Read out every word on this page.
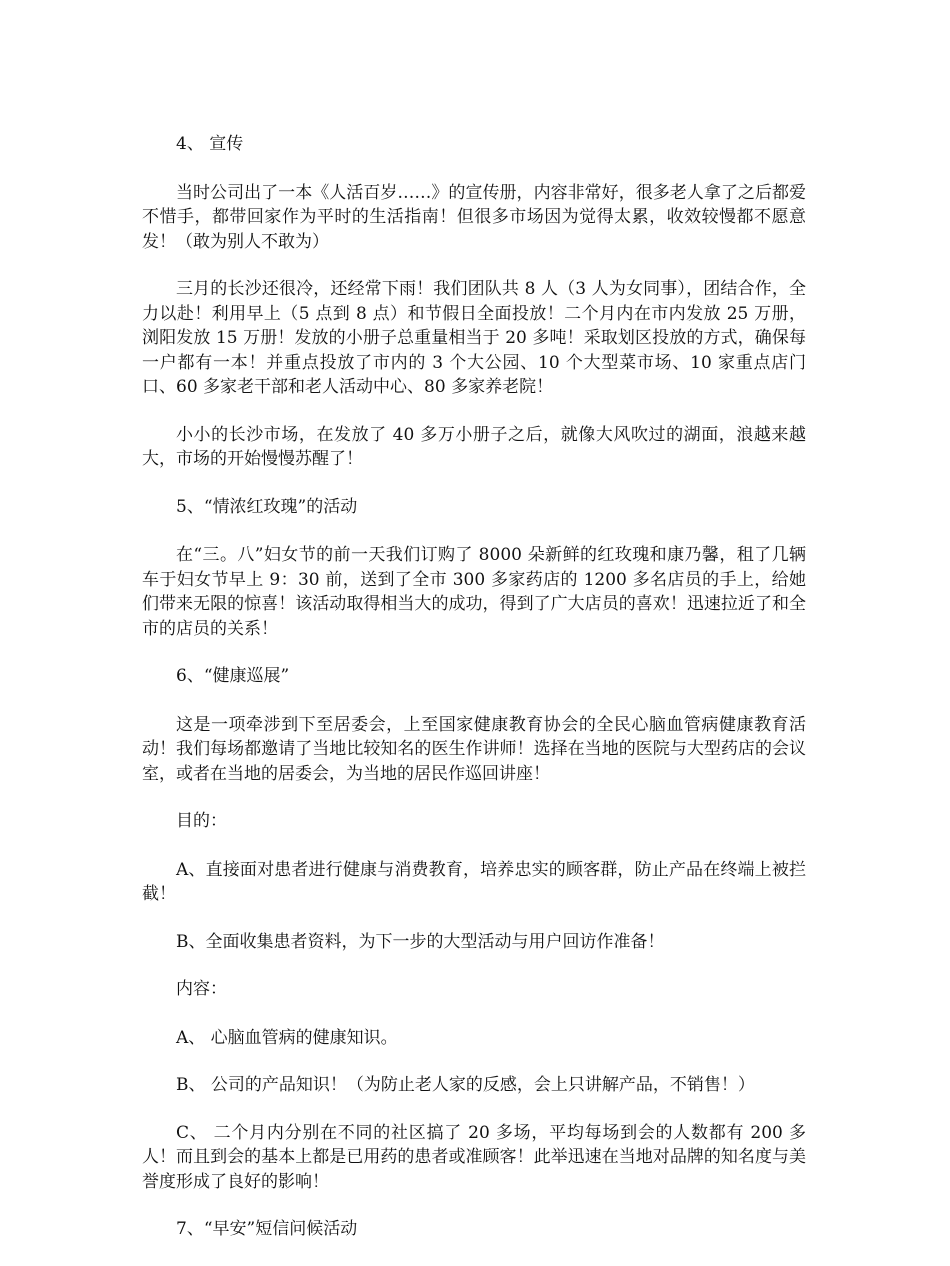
4、 宣传

当时公司出了一本《人活百岁……》的宣传册，内容非常好，很多老人拿了之后都爱不惜手，都带回家作为平时的生活指南！但很多市场因为觉得太累，收效较慢都不愿意发！（敢为别人不敢为）

三月的长沙还很冷，还经常下雨！我们团队共 8 人（3 人为女同事），团结合作，全力以赴！利用早上（5 点到 8 点）和节假日全面投放！二个月内在市内发放 25 万册，浏阳发放 15 万册！发放的小册子总重量相当于 20 多吨！采取划区投放的方式，确保每一户都有一本！并重点投放了市内的 3 个大公园、10 个大型菜市场、10 家重点店门口、60 多家老干部和老人活动中心、80 多家养老院！

小小的长沙市场，在发放了 40 多万小册子之后，就像大风吹过的湖面，浪越来越大，市场的开始慢慢苏醒了！

5、“情浓红玫瑰”的活动

在“三。八”妇女节的前一天我们订购了 8000 朵新鲜的红玫瑰和康乃馨，租了几辆车于妇女节早上 9：30 前，送到了全市 300 多家药店的 1200 多名店员的手上，给她们带来无限的惊喜！该活动取得相当大的成功，得到了广大店员的喜欢！迅速拉近了和全市的店员的关系！

6、“健康巡展”

这是一项牵涉到下至居委会，上至国家健康教育协会的全民心脑血管病健康教育活动！我们每场都邀请了当地比较知名的医生作讲师！选择在当地的医院与大型药店的会议室，或者在当地的居委会，为当地的居民作巡回讲座！

目的：

A、直接面对患者进行健康与消费教育，培养忠实的顾客群，防止产品在终端上被拦截！

B、全面收集患者资料，为下一步的大型活动与用户回访作准备！

内容：

A、 心脑血管病的健康知识。

B、 公司的产品知识！（为防止老人家的反感，会上只讲解产品，不销售！）

C、 二个月内分别在不同的社区搞了 20 多场，平均每场到会的人数都有 200 多人！而且到会的基本上都是已用药的患者或准顾客！此举迅速在当地对品牌的知名度与美誉度形成了良好的影响！

7、“早安”短信问候活动
